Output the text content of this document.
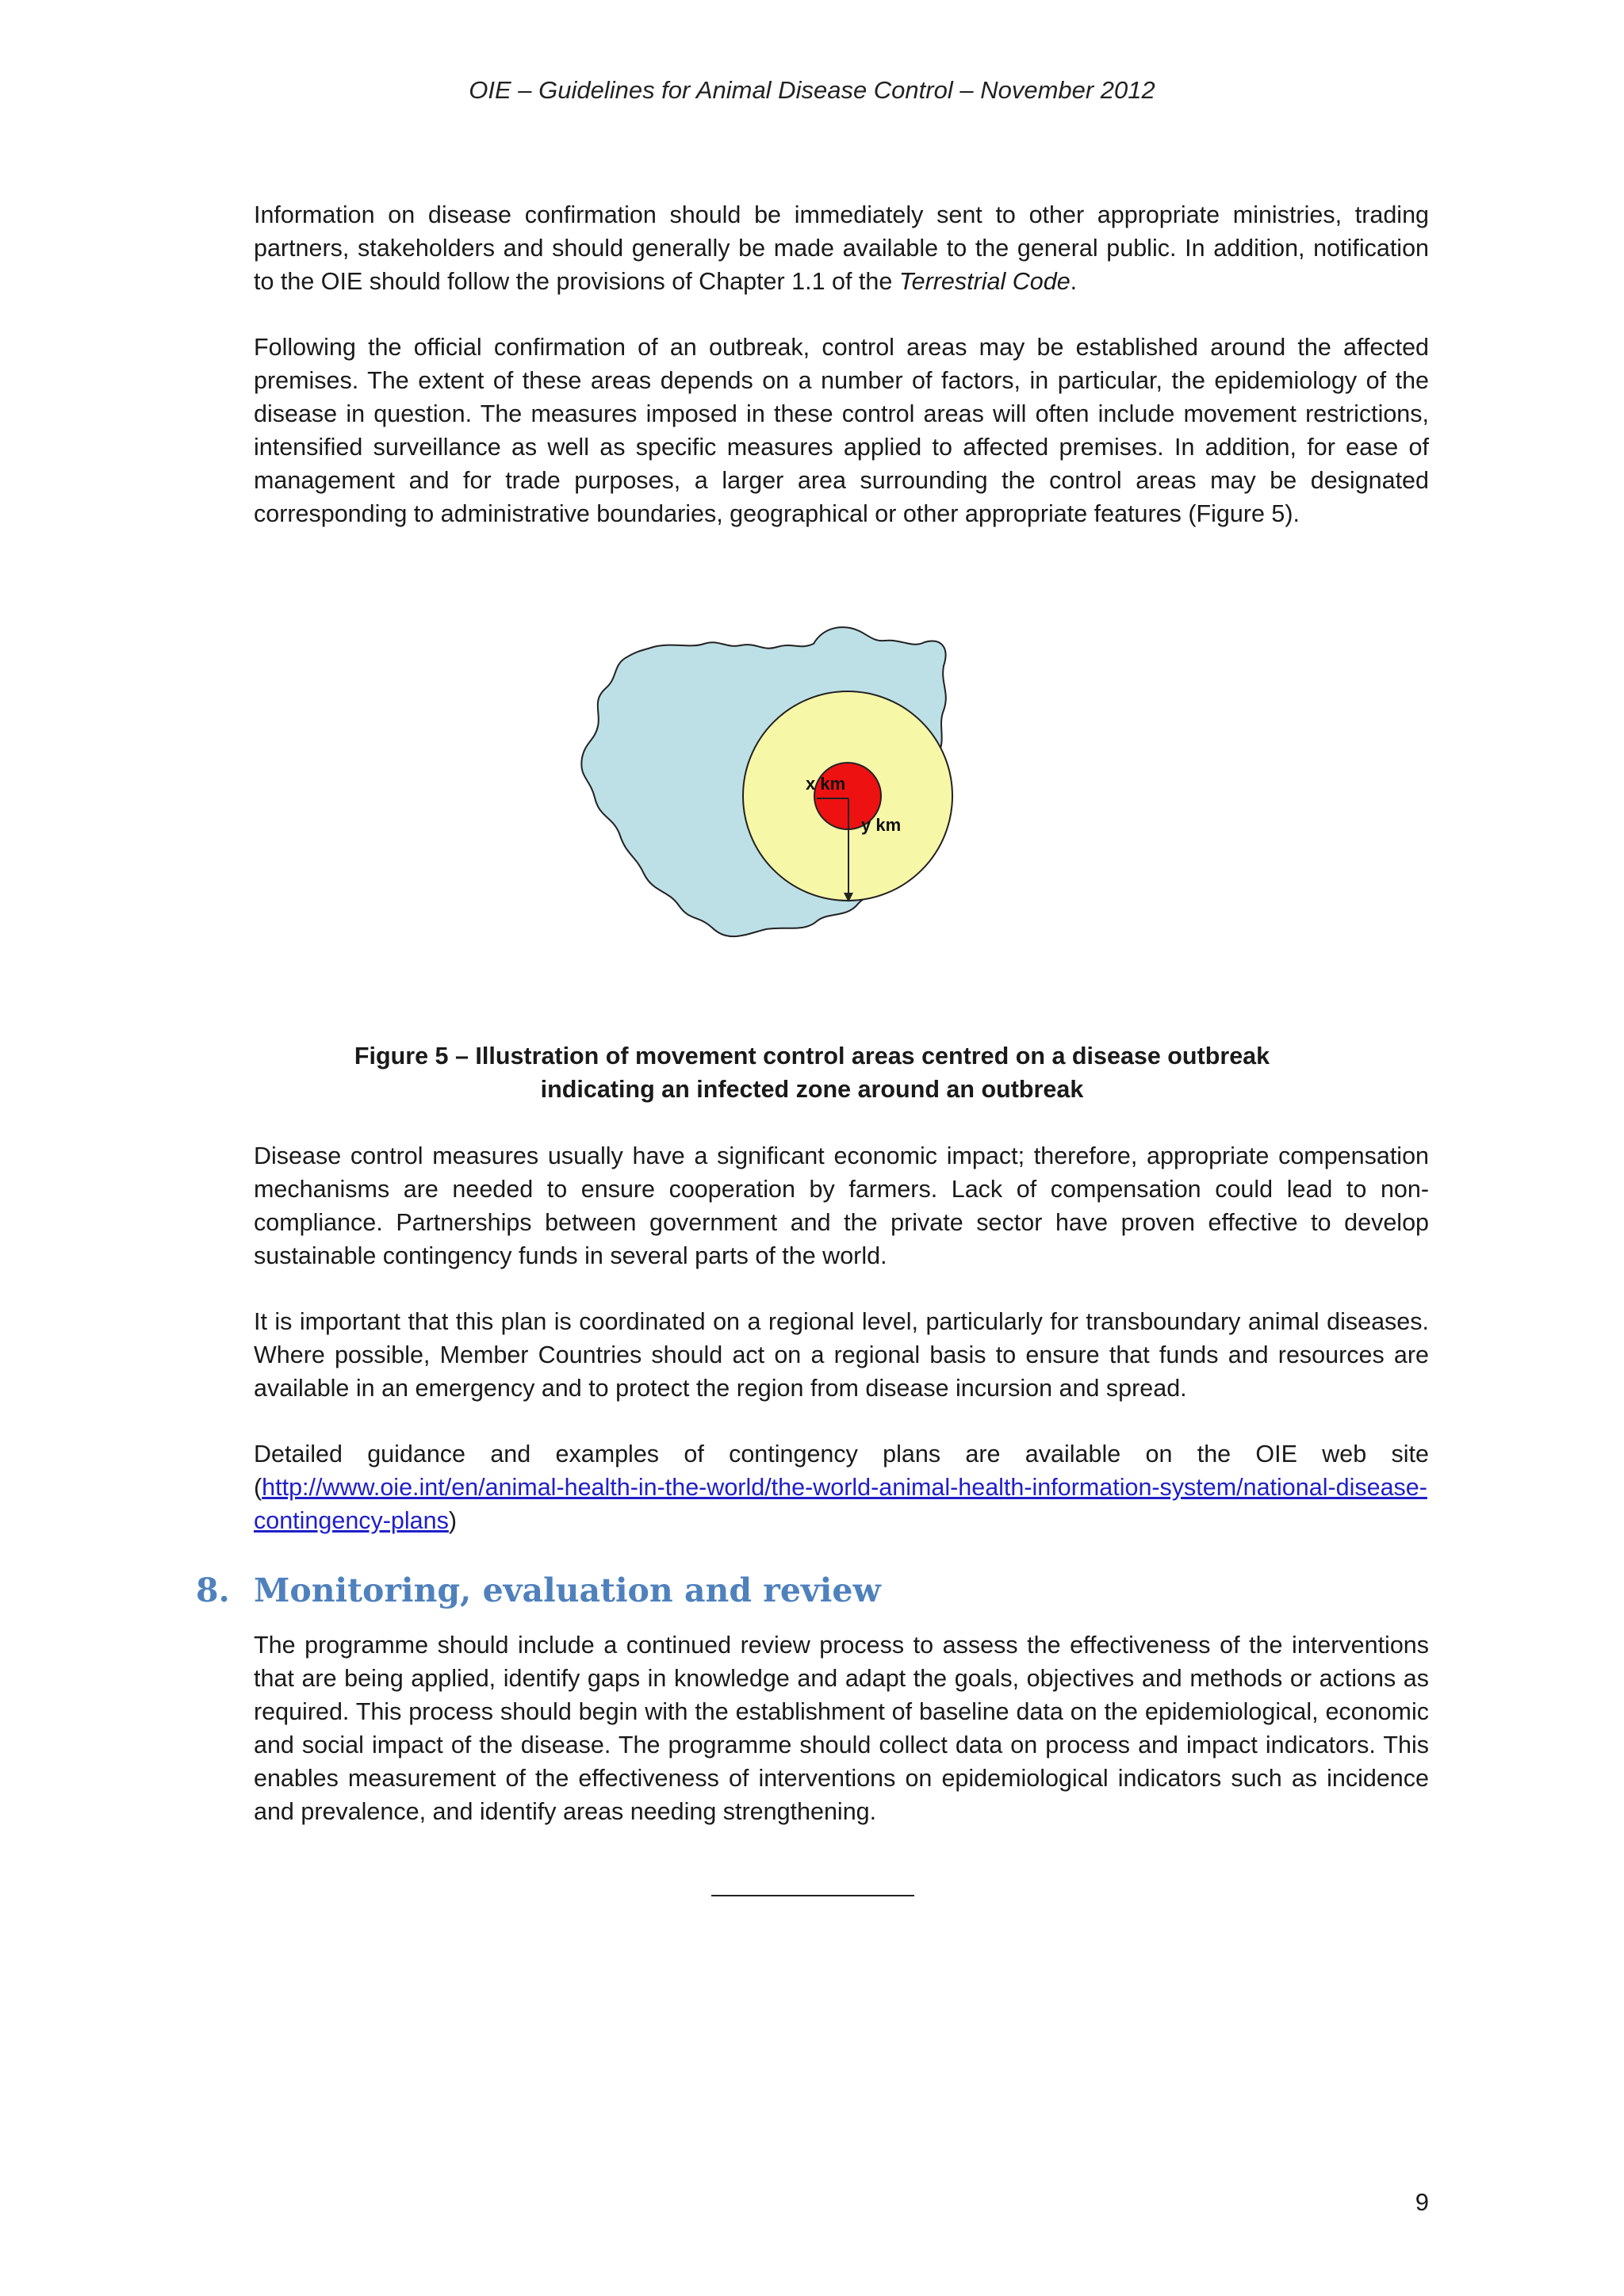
OIE – Guidelines for Animal Disease Control – November 2012

Information on disease confirmation should be immediately sent to other appropriate ministries, trading partners, stakeholders and should generally be made available to the general public. In addition, notification to the OIE should follow the provisions of Chapter 1.1 of the Terrestrial Code.

Following the official confirmation of an outbreak, control areas may be established around the affected premises. The extent of these areas depends on a number of factors, in particular, the epidemiology of the disease in question. The measures imposed in these control areas will often include movement restrictions, intensified surveillance as well as specific measures applied to affected premises. In addition, for ease of management and for trade purposes, a larger area surrounding the control areas may be designated corresponding to administrative boundaries, geographical or other appropriate features (Figure 5).

x km
y km
Figure 5 – Illustration of movement control areas centred on a disease outbreak
indicating an infected zone around an outbreak

Disease control measures usually have a significant economic impact; therefore, appropriate compensation mechanisms are needed to ensure cooperation by farmers. Lack of compensation could lead to non-compliance. Partnerships between government and the private sector have proven effective to develop sustainable contingency funds in several parts of the world.

It is important that this plan is coordinated on a regional level, particularly for transboundary animal diseases. Where possible, Member Countries should act on a regional basis to ensure that funds and resources are available in an emergency and to protect the region from disease incursion and spread.

Detailed guidance and examples of contingency plans are available on the OIE web site (http://www.oie.int/en/animal-health-in-the-world/the-world-animal-health-information-system/national-disease-contingency-plans)

8. Monitoring, evaluation and review

The programme should include a continued review process to assess the effectiveness of the interventions that are being applied, identify gaps in knowledge and adapt the goals, objectives and methods or actions as required. This process should begin with the establishment of baseline data on the epidemiological, economic and social impact of the disease. The programme should collect data on process and impact indicators. This enables measurement of the effectiveness of interventions on epidemiological indicators such as incidence and prevalence, and identify areas needing strengthening.

9
